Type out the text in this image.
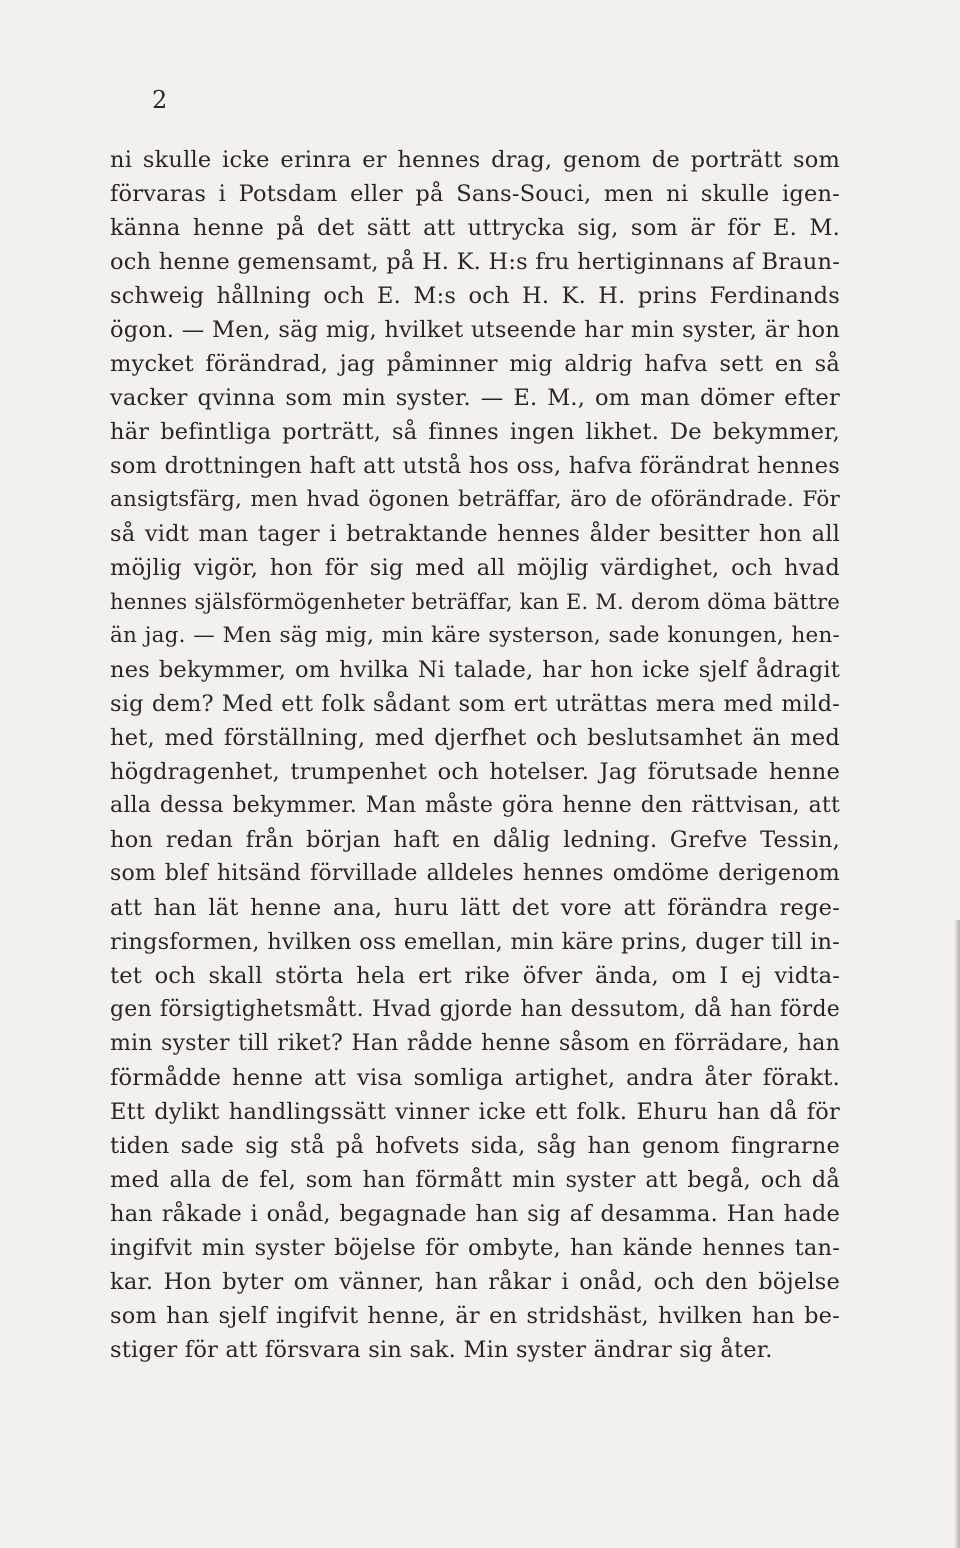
2
ni skulle icke erinra er hennes drag, genom de porträtt som
förvaras i Potsdam eller på Sans-Souci, men ni skulle igen-
känna henne på det sätt att uttrycka sig, som är för E. M.
och henne gemensamt, på H. K. H:s fru hertiginnans af Braun-
schweig hållning och E. M:s och H. K. H. prins Ferdinands
ögon. — Men, säg mig, hvilket utseende har min syster, är hon
mycket förändrad, jag påminner mig aldrig hafva sett en så
vacker qvinna som min syster. — E. M., om man dömer efter
här befintliga porträtt, så finnes ingen likhet. De bekymmer,
som drottningen haft att utstå hos oss, hafva förändrat hennes
ansigtsfärg, men hvad ögonen beträffar, äro de oförändrade. För
så vidt man tager i betraktande hennes ålder besitter hon all
möjlig vigör, hon för sig med all möjlig värdighet, och hvad
hennes själsförmögenheter beträffar, kan E. M. derom döma bättre
än jag. — Men säg mig, min käre systerson, sade konungen, hen-
nes bekymmer, om hvilka Ni talade, har hon icke sjelf ådragit
sig dem? Med ett folk sådant som ert uträttas mera med mild-
het, med förställning, med djerfhet och beslutsamhet än med
högdragenhet, trumpenhet och hotelser. Jag förutsade henne
alla dessa bekymmer. Man måste göra henne den rättvisan, att
hon redan från början haft en dålig ledning. Grefve Tessin,
som blef hitsänd förvillade alldeles hennes omdöme derigenom
att han lät henne ana, huru lätt det vore att förändra rege-
ringsformen, hvilken oss emellan, min käre prins, duger till in-
tet och skall störta hela ert rike öfver ända, om I ej vidta-
gen försigtighetsmått. Hvad gjorde han dessutom, då han förde
min syster till riket? Han rådde henne såsom en förrädare, han
förmådde henne att visa somliga artighet, andra åter förakt.
Ett dylikt handlingssätt vinner icke ett folk. Ehuru han då för
tiden sade sig stå på hofvets sida, såg han genom fingrarne
med alla de fel, som han förmått min syster att begå, och då
han råkade i onåd, begagnade han sig af desamma. Han hade
ingifvit min syster böjelse för ombyte, han kände hennes tan-
kar. Hon byter om vänner, han råkar i onåd, och den böjelse
som han sjelf ingifvit henne, är en stridshäst, hvilken han be-
stiger för att försvara sin sak. Min syster ändrar sig åter.
